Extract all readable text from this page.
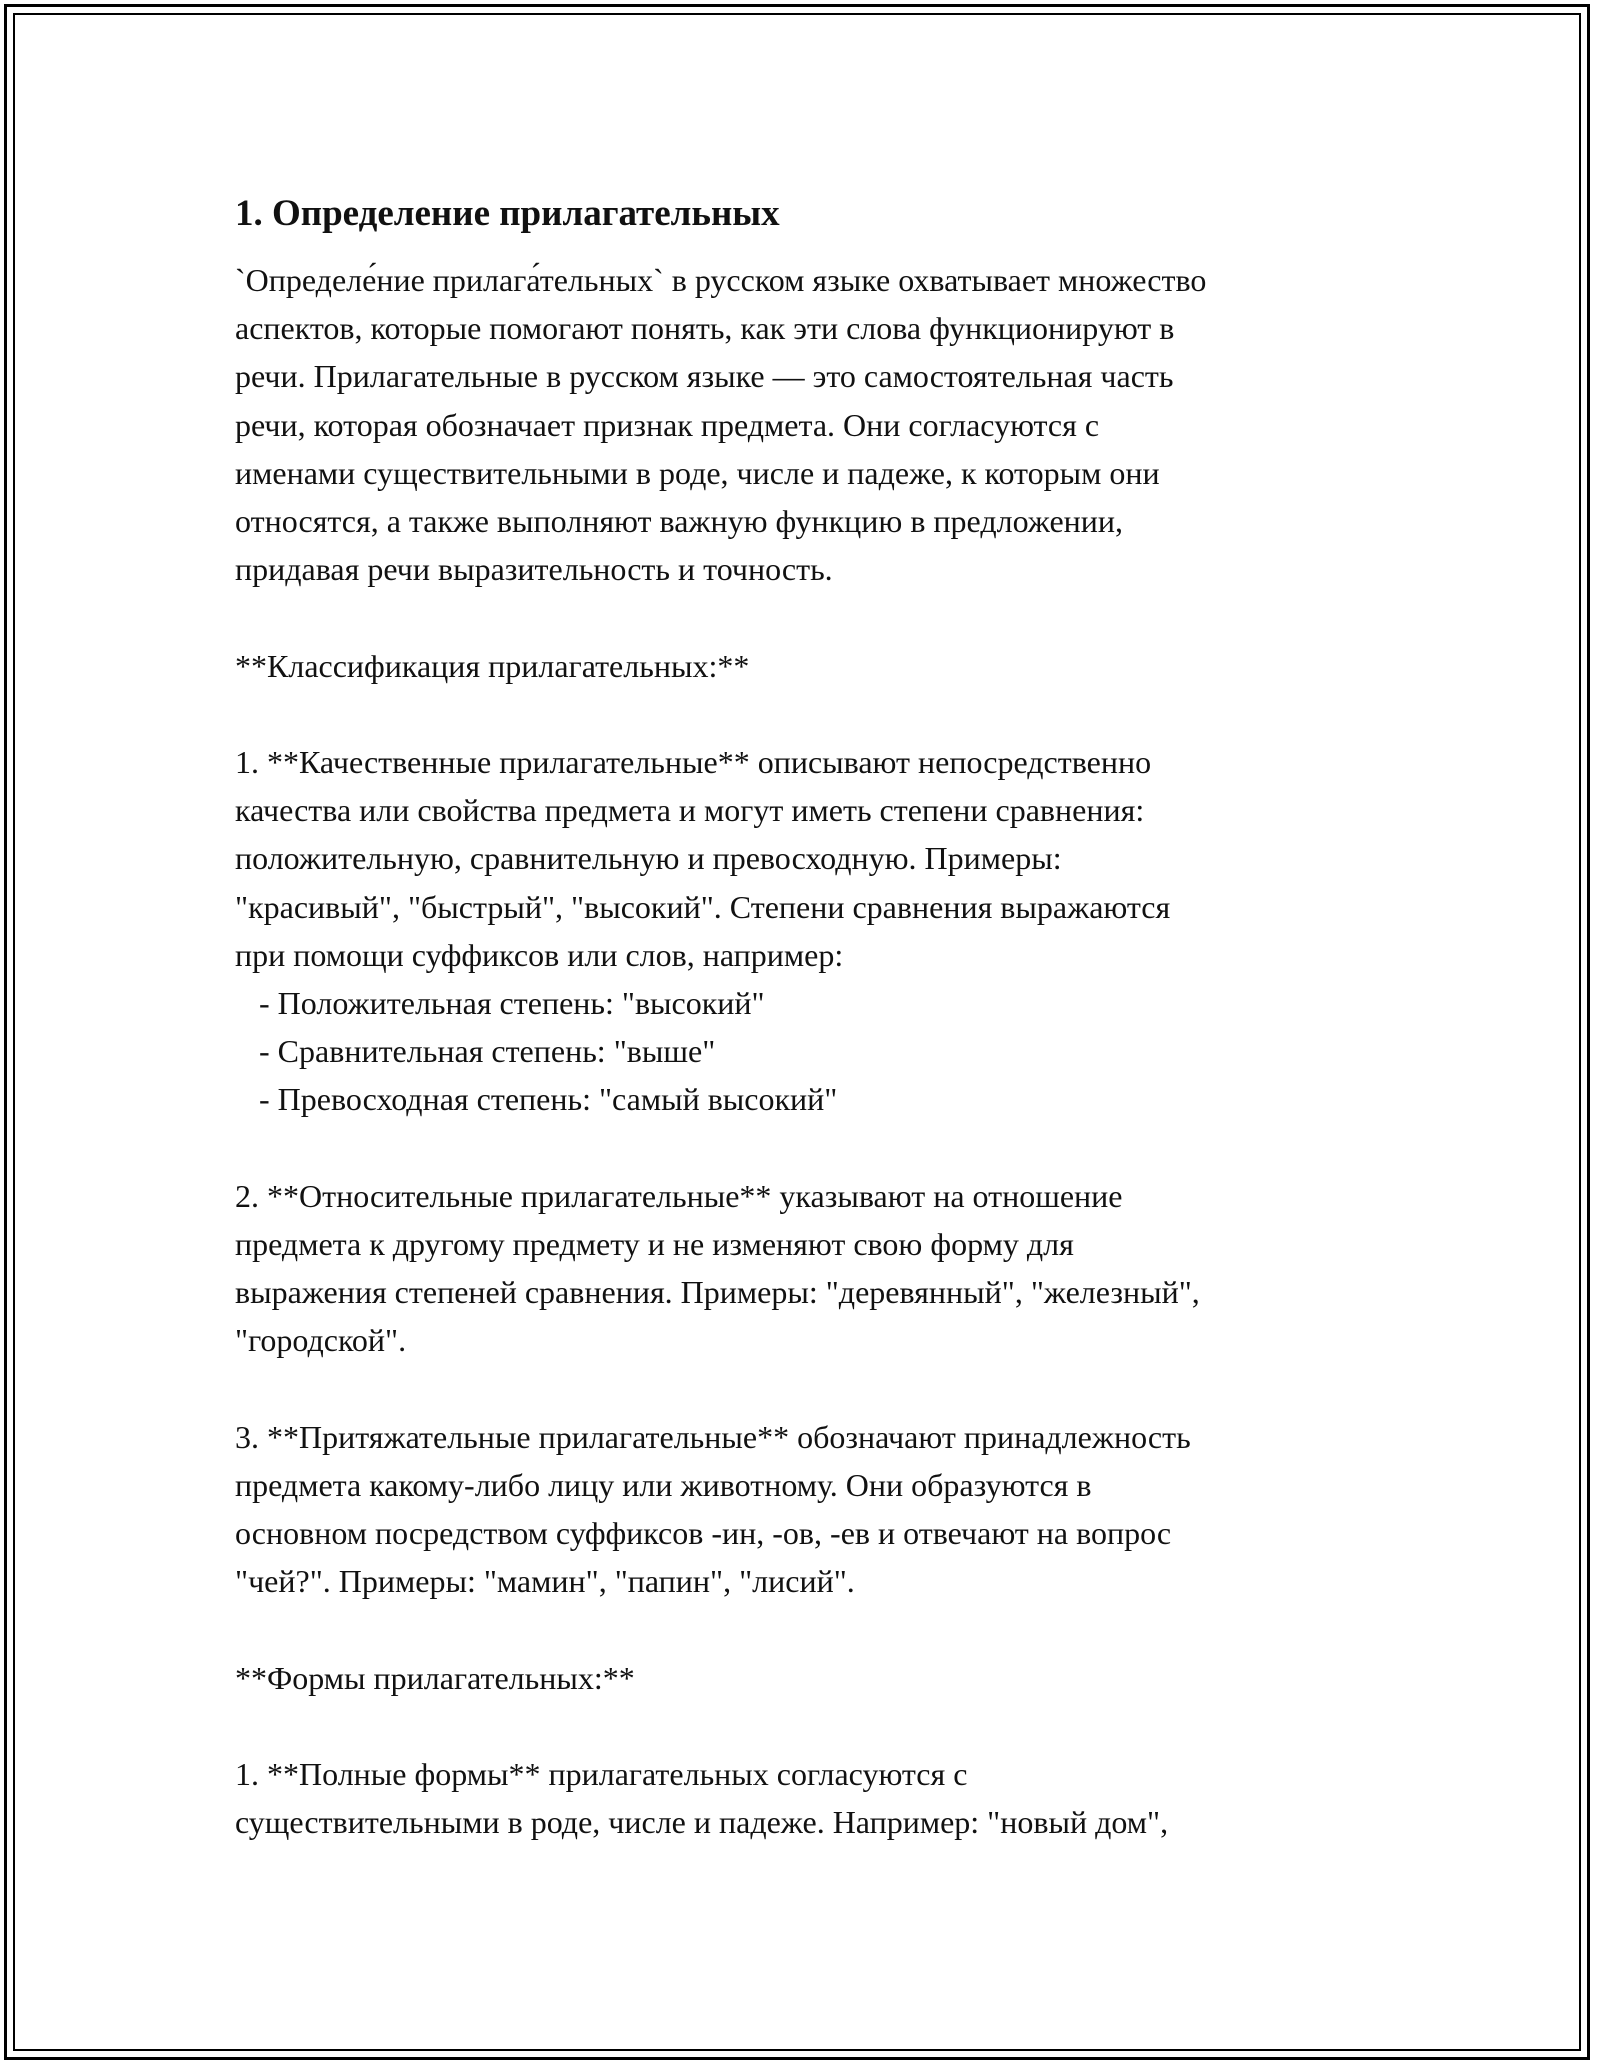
1. Определение прилагательных
`Определе́ние прилага́тельных` в русском языке охватывает множество
аспектов, которые помогают понять, как эти слова функционируют в
речи. Прилагательные в русском языке — это самостоятельная часть
речи, которая обозначает признак предмета. Они согласуются с
именами существительными в роде, числе и падеже, к которым они
относятся, а также выполняют важную функцию в предложении,
придавая речи выразительность и точность.
**Классификация прилагательных:**
1. **Качественные прилагательные** описывают непосредственно
качества или свойства предмета и могут иметь степени сравнения:
положительную, сравнительную и превосходную. Примеры:
"красивый", "быстрый", "высокий". Степени сравнения выражаются
при помощи суффиксов или слов, например:
- Положительная степень: "высокий"
- Сравнительная степень: "выше"
- Превосходная степень: "самый высокий"
2. **Относительные прилагательные** указывают на отношение
предмета к другому предмету и не изменяют свою форму для
выражения степеней сравнения. Примеры: "деревянный", "железный",
"городской".
3. **Притяжательные прилагательные** обозначают принадлежность
предмета какому-либо лицу или животному. Они образуются в
основном посредством суффиксов -ин, -ов, -ев и отвечают на вопрос
"чей?". Примеры: "мамин", "папин", "лисий".
**Формы прилагательных:**
1. **Полные формы** прилагательных согласуются с
существительными в роде, числе и падеже. Например: "новый дом",
